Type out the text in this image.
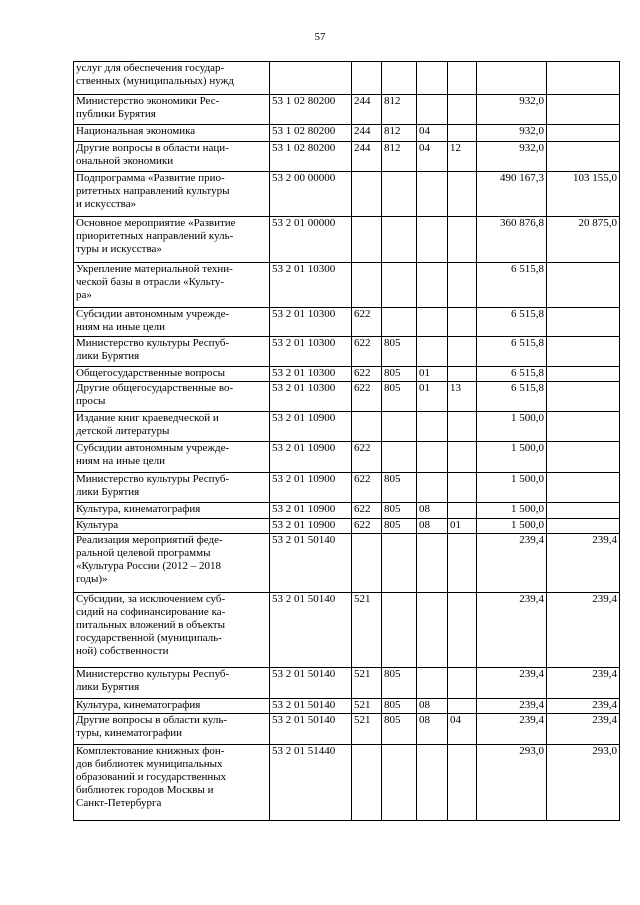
57
услуг для обеспечения государ-
ственных (муниципальных) нужд							
Министерство экономики Рес-
публики Бурятия	53 1 02 80200	244	812			932,0	
Национальная экономика	53 1 02 80200	244	812	04		932,0	
Другие вопросы в области наци-
ональной экономики	53 1 02 80200	244	812	04	12	932,0	
Подпрограмма «Развитие прио-
ритетных направлений культуры
и искусства»	53 2 00 00000					490 167,3	103 155,0
Основное мероприятие «Развитие
приоритетных направлений куль-
туры и искусства»	53 2 01 00000					360 876,8	20 875,0
Укрепление материальной техни-
ческой базы в отрасли «Культу-
ра»	53 2 01 10300					6 515,8	
Субсидии автономным учрежде-
ниям на иные цели	53 2 01 10300	622				6 515,8	
Министерство культуры Респуб-
лики Бурятия	53 2 01 10300	622	805			6 515,8	
Общегосударственные вопросы	53 2 01 10300	622	805	01		6 515,8	
Другие общегосударственные во-
просы	53 2 01 10300	622	805	01	13	6 515,8	
Издание книг краеведческой и
детской литературы	53 2 01 10900					1 500,0	
Субсидии автономным учрежде-
ниям на иные цели	53 2 01 10900	622				1 500,0	
Министерство культуры Респуб-
лики Бурятия	53 2 01 10900	622	805			1 500,0	
Культура, кинематография	53 2 01 10900	622	805	08		1 500,0	
Культура	53 2 01 10900	622	805	08	01	1 500,0	
Реализация мероприятий феде-
ральной целевой программы
«Культура России (2012 – 2018
годы)»	53 2 01 50140					239,4	239,4
Субсидии, за исключением суб-
сидий на софинансирование ка-
питальных вложений в объекты
государственной (муниципаль-
ной) собственности	53 2 01 50140	521				239,4	239,4
Министерство культуры Респуб-
лики Бурятия	53 2 01 50140	521	805			239,4	239,4
Культура, кинематография	53 2 01 50140	521	805	08		239,4	239,4
Другие вопросы в области куль-
туры, кинематографии	53 2 01 50140	521	805	08	04	239,4	239,4
Комплектование книжных фон-
дов библиотек муниципальных
образований и государственных
библиотек городов Москвы и
Санкт-Петербурга	53 2 01 51440					293,0	293,0
